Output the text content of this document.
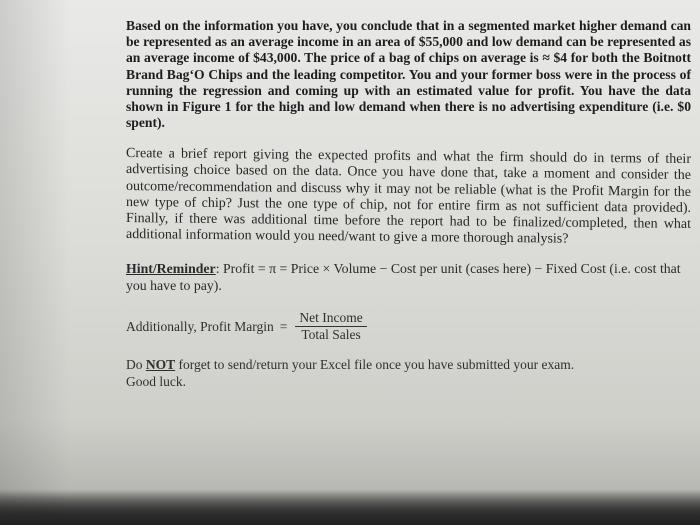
Based on the information you have, you conclude that in a segmented market higher demand can be represented as an average income in an area of $55,000 and low demand can be represented as an average income of $43,000. The price of a bag of chips on average is ≈ $4 for both the Boitnott Brand Bag‘O Chips and the leading competitor. You and your former boss were in the process of running the regression and coming up with an estimated value for profit. You have the data shown in Figure 1 for the high and low demand when there is no advertising expenditure (i.e. $0 spent).

Create a brief report giving the expected profits and what the firm should do in terms of their advertising choice based on the data. Once you have done that, take a moment and consider the outcome/recommendation and discuss why it may not be reliable (what is the Profit Margin for the new type of chip? Just the one type of chip, not for entire firm as not sufficient data provided). Finally, if there was additional time before the report had to be finalized/completed, then what additional information would you need/want to give a more thorough analysis?

Hint/Reminder: Profit = π = Price × Volume − Cost per unit (cases here) − Fixed Cost (i.e. cost that you have to pay).

Additionally, Profit Margin = $\frac{\text{Net Income}}{\text{Total Sales}}$

Do NOT forget to send/return your Excel file once you have submitted your exam.
Good luck.
